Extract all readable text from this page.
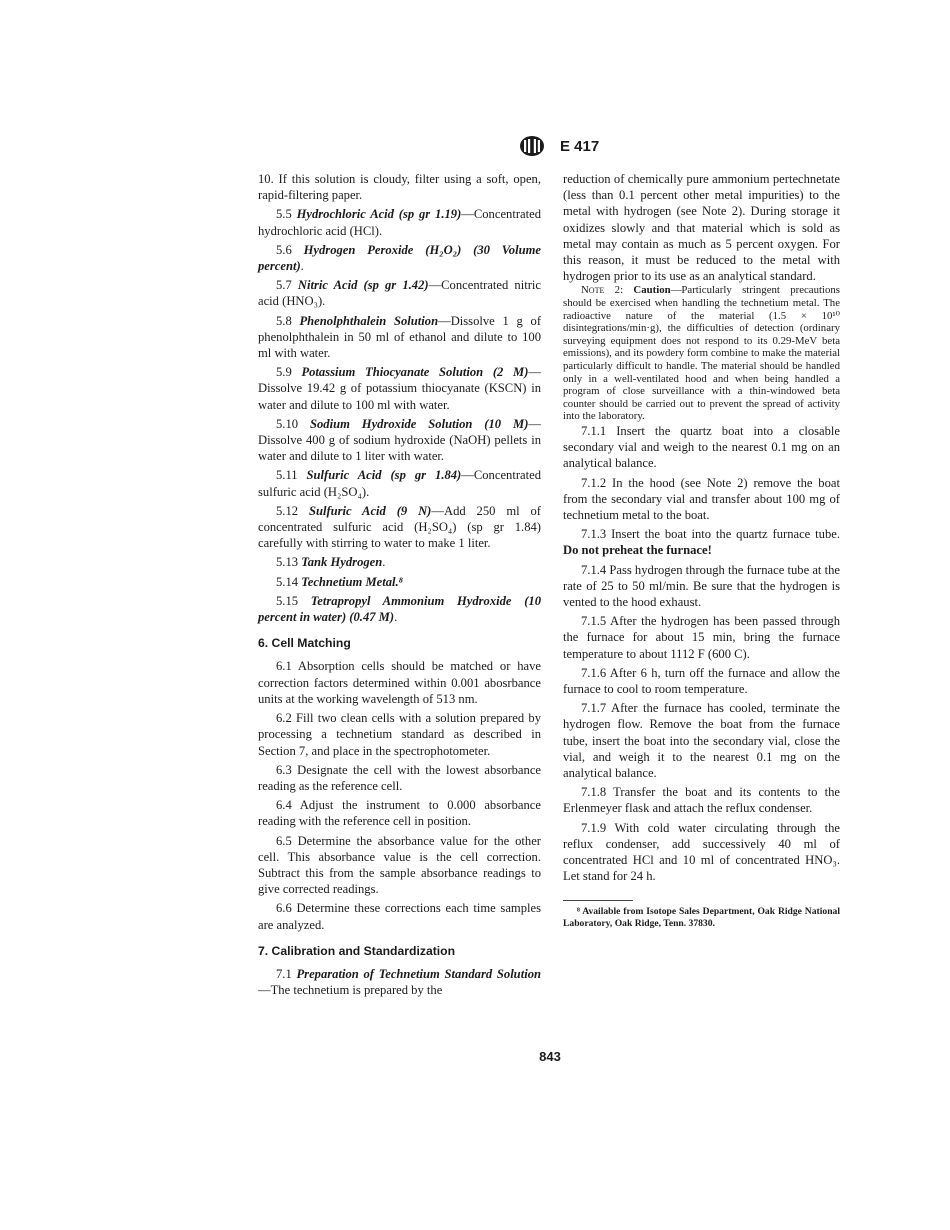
E 417

10. If this solution is cloudy, filter using a soft, open, rapid-filtering paper.

5.5 Hydrochloric Acid (sp gr 1.19)—Concentrated hydrochloric acid (HCl).

5.6 Hydrogen Peroxide (H₂O₂) (30 Volume percent).

5.7 Nitric Acid (sp gr 1.42)—Concentrated nitric acid (HNO₃).

5.8 Phenolphthalein Solution—Dissolve 1 g of phenolphthalein in 50 ml of ethanol and dilute to 100 ml with water.

5.9 Potassium Thiocyanate Solution (2 M)—Dissolve 19.42 g of potassium thiocyanate (KSCN) in water and dilute to 100 ml with water.

5.10 Sodium Hydroxide Solution (10 M)—Dissolve 400 g of sodium hydroxide (NaOH) pellets in water and dilute to 1 liter with water.

5.11 Sulfuric Acid (sp gr 1.84)—Concentrated sulfuric acid (H₂SO₄).

5.12 Sulfuric Acid (9 N)—Add 250 ml of concentrated sulfuric acid (H₂SO₄) (sp gr 1.84) carefully with stirring to water to make 1 liter.

5.13 Tank Hydrogen.

5.14 Technetium Metal.⁸

5.15 Tetrapropyl Ammonium Hydroxide (10 percent in water) (0.47 M).

6. Cell Matching

6.1 Absorption cells should be matched or have correction factors determined within 0.001 abosrbance units at the working wavelength of 513 nm.

6.2 Fill two clean cells with a solution prepared by processing a technetium standard as described in Section 7, and place in the spectrophotometer.

6.3 Designate the cell with the lowest absorbance reading as the reference cell.

6.4 Adjust the instrument to 0.000 absorbance reading with the reference cell in position.

6.5 Determine the absorbance value for the other cell. This absorbance value is the cell correction. Subtract this from the sample absorbance readings to give corrected readings.

6.6 Determine these corrections each time samples are analyzed.

7. Calibration and Standardization

7.1 Preparation of Technetium Standard Solution—The technetium is prepared by the

reduction of chemically pure ammonium pertechnetate (less than 0.1 percent other metal impurities) to the metal with hydrogen (see Note 2). During storage it oxidizes slowly and that material which is sold as metal may contain as much as 5 percent oxygen. For this reason, it must be reduced to the metal with hydrogen prior to its use as an analytical standard.

Note 2: Caution—Particularly stringent precautions should be exercised when handling the technetium metal. The radioactive nature of the material (1.5 × 10¹⁰ disintegrations/min·g), the difficulties of detection (ordinary surveying equipment does not respond to its 0.29-MeV beta emissions), and its powdery form combine to make the material particularly difficult to handle. The material should be handled only in a well-ventilated hood and when being handled a program of close surveillance with a thin-windowed beta counter should be carried out to prevent the spread of activity into the laboratory.

7.1.1 Insert the quartz boat into a closable secondary vial and weigh to the nearest 0.1 mg on an analytical balance.

7.1.2 In the hood (see Note 2) remove the boat from the secondary vial and transfer about 100 mg of technetium metal to the boat.

7.1.3 Insert the boat into the quartz furnace tube. Do not preheat the furnace!

7.1.4 Pass hydrogen through the furnace tube at the rate of 25 to 50 ml/min. Be sure that the hydrogen is vented to the hood exhaust.

7.1.5 After the hydrogen has been passed through the furnace for about 15 min, bring the furnace temperature to about 1112 F (600 C).

7.1.6 After 6 h, turn off the furnace and allow the furnace to cool to room temperature.

7.1.7 After the furnace has cooled, terminate the hydrogen flow. Remove the boat from the furnace tube, insert the boat into the secondary vial, close the vial, and weigh it to the nearest 0.1 mg on the analytical balance.

7.1.8 Transfer the boat and its contents to the Erlenmeyer flask and attach the reflux condenser.

7.1.9 With cold water circulating through the reflux condenser, add successively 40 ml of concentrated HCl and 10 ml of concentrated HNO₃. Let stand for 24 h.

⁸ Available from Isotope Sales Department, Oak Ridge National Laboratory, Oak Ridge, Tenn. 37830.

843
